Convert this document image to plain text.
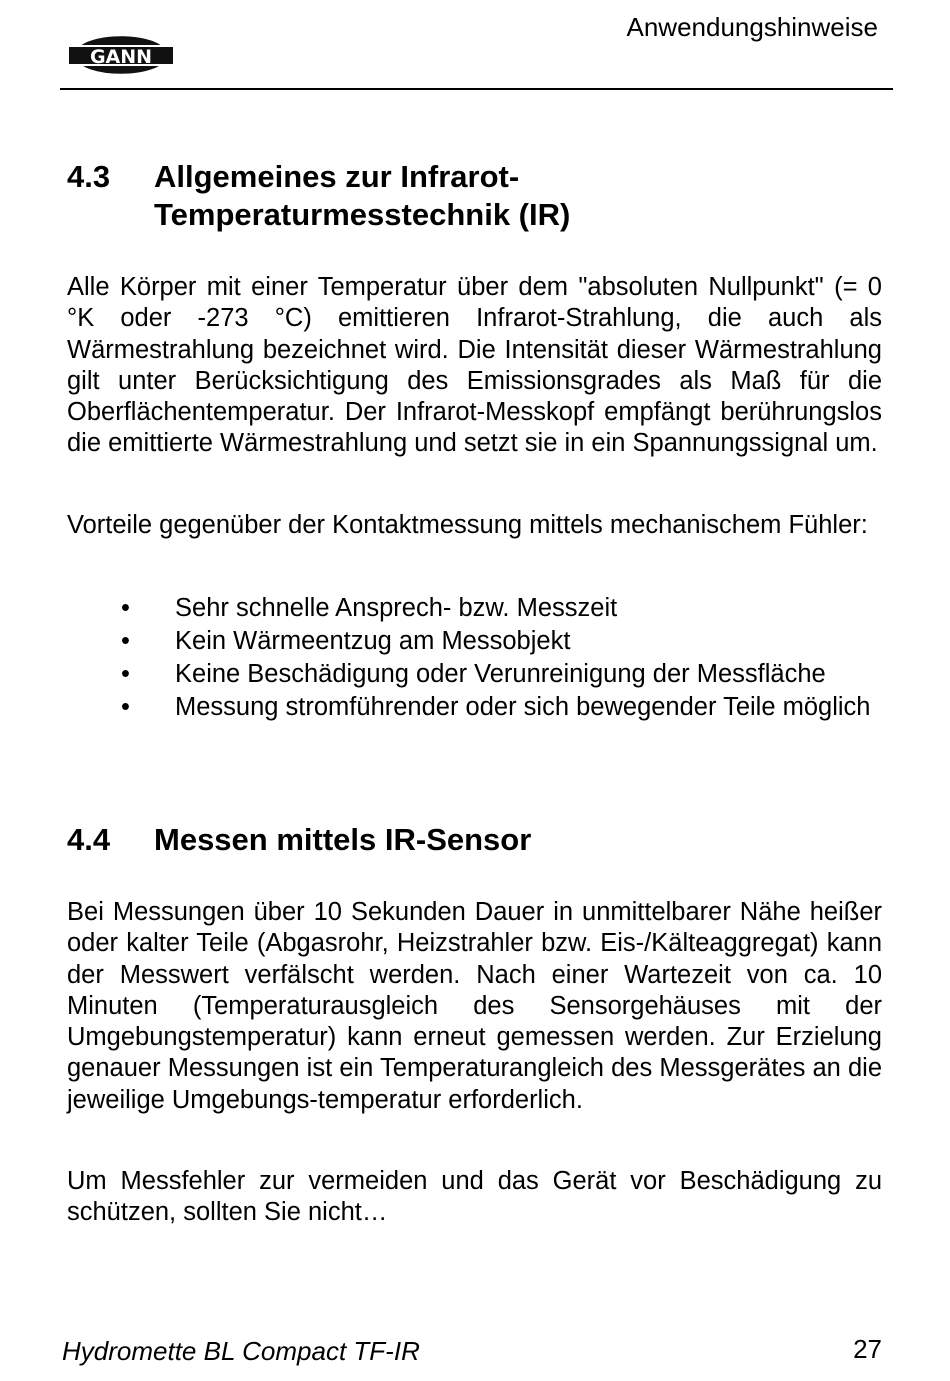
Anwendungshinweise
GANN
4.3 Allgemeines zur Infrarot-
Temperaturmesstechnik (IR)

Alle Körper mit einer Temperatur über dem "absoluten Nullpunkt" (= 0 °K oder -273 °C) emittieren Infrarot-Strahlung, die auch als Wärmestrahlung bezeichnet wird. Die Intensität dieser Wärmestrahlung gilt unter Berücksichtigung des Emissionsgrades als Maß für die Oberflächentemperatur. Der Infrarot-Messkopf empfängt berührungslos die emittierte Wärmestrahlung und setzt sie in ein Spannungssignal um.

Vorteile gegenüber der Kontaktmessung mittels mechanischem Fühler:

• Sehr schnelle Ansprech- bzw. Messzeit
• Kein Wärmeentzug am Messobjekt
• Keine Beschädigung oder Verunreinigung der Messfläche
• Messung stromführender oder sich bewegender Teile möglich
4.4 Messen mittels IR-Sensor

Bei Messungen über 10 Sekunden Dauer in unmittelbarer Nähe heißer oder kalter Teile (Abgasrohr, Heizstrahler bzw. Eis-/Kälteaggregat) kann der Messwert verfälscht werden. Nach einer Wartezeit von ca. 10 Minuten (Temperaturausgleich des Sensorgehäuses mit der Umgebungstemperatur) kann erneut gemessen werden. Zur Erzielung genauer Messungen ist ein Temperaturangleich des Messgerätes an die jeweilige Umgebungs-temperatur erforderlich.

Um Messfehler zur vermeiden und das Gerät vor Beschädigung zu schützen, sollten Sie nicht…

Hydromette BL Compact TF-IR	27
